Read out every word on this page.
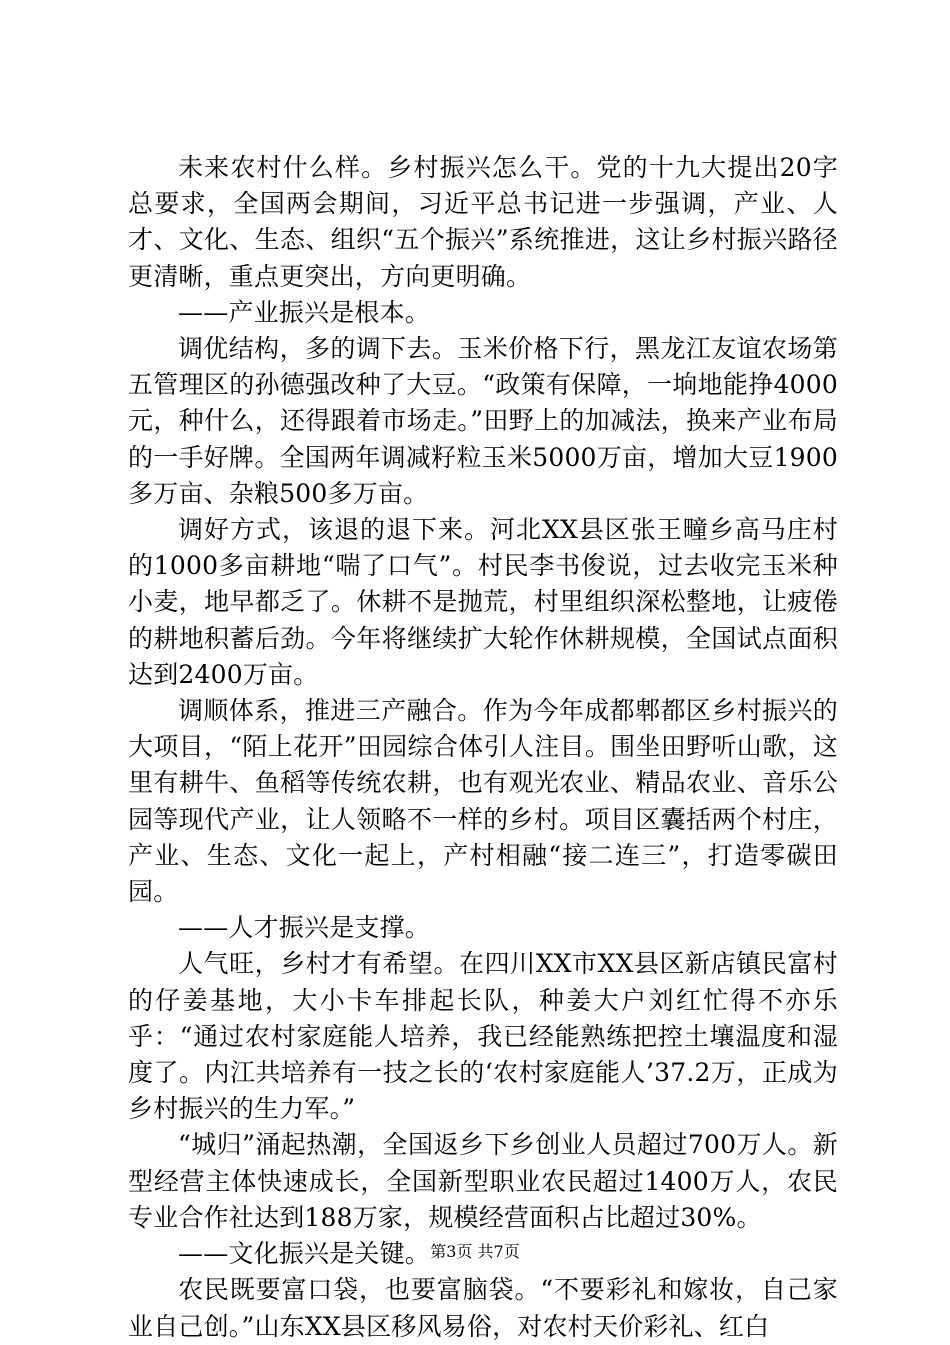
未来农村什么样。乡村振兴怎么干。党的十九大提出20字总要求，全国两会期间，习近平总书记进一步强调，产业、人才、文化、生态、组织“五个振兴”系统推进，这让乡村振兴路径更清晰，重点更突出，方向更明确。

——产业振兴是根本。

调优结构，多的调下去。玉米价格下行，黑龙江友谊农场第五管理区的孙德强改种了大豆。“政策有保障，一垧地能挣4000元，种什么，还得跟着市场走。”田野上的加减法，换来产业布局的一手好牌。全国两年调减籽粒玉米5000万亩，增加大豆1900多万亩、杂粮500多万亩。

调好方式，该退的退下来。河北XX县区张王疃乡高马庄村的1000多亩耕地“喘了口气”。村民李书俊说，过去收完玉米种小麦，地早都乏了。休耕不是抛荒，村里组织深松整地，让疲倦的耕地积蓄后劲。今年将继续扩大轮作休耕规模，全国试点面积达到2400万亩。

调顺体系，推进三产融合。作为今年成都郫都区乡村振兴的大项目，“陌上花开”田园综合体引人注目。围坐田野听山歌，这里有耕牛、鱼稻等传统农耕，也有观光农业、精品农业、音乐公园等现代产业，让人领略不一样的乡村。项目区囊括两个村庄，产业、生态、文化一起上，产村相融“接二连三”，打造零碳田园。

——人才振兴是支撑。

人气旺，乡村才有希望。在四川XX市XX县区新店镇民富村的仔姜基地，大小卡车排起长队，种姜大户刘红忙得不亦乐乎：“通过农村家庭能人培养，我已经能熟练把控土壤温度和湿度了。内江共培养有一技之长的‘农村家庭能人’37.2万，正成为乡村振兴的生力军。”

“城归”涌起热潮，全国返乡下乡创业人员超过700万人。新型经营主体快速成长，全国新型职业农民超过1400万人，农民专业合作社达到188万家，规模经营面积占比超过30%。

——文化振兴是关键。

农民既要富口袋，也要富脑袋。“不要彩礼和嫁妆，自己家业自己创。”山东XX县区移风易俗，对农村天价彩礼、红白

第3页 共7页
